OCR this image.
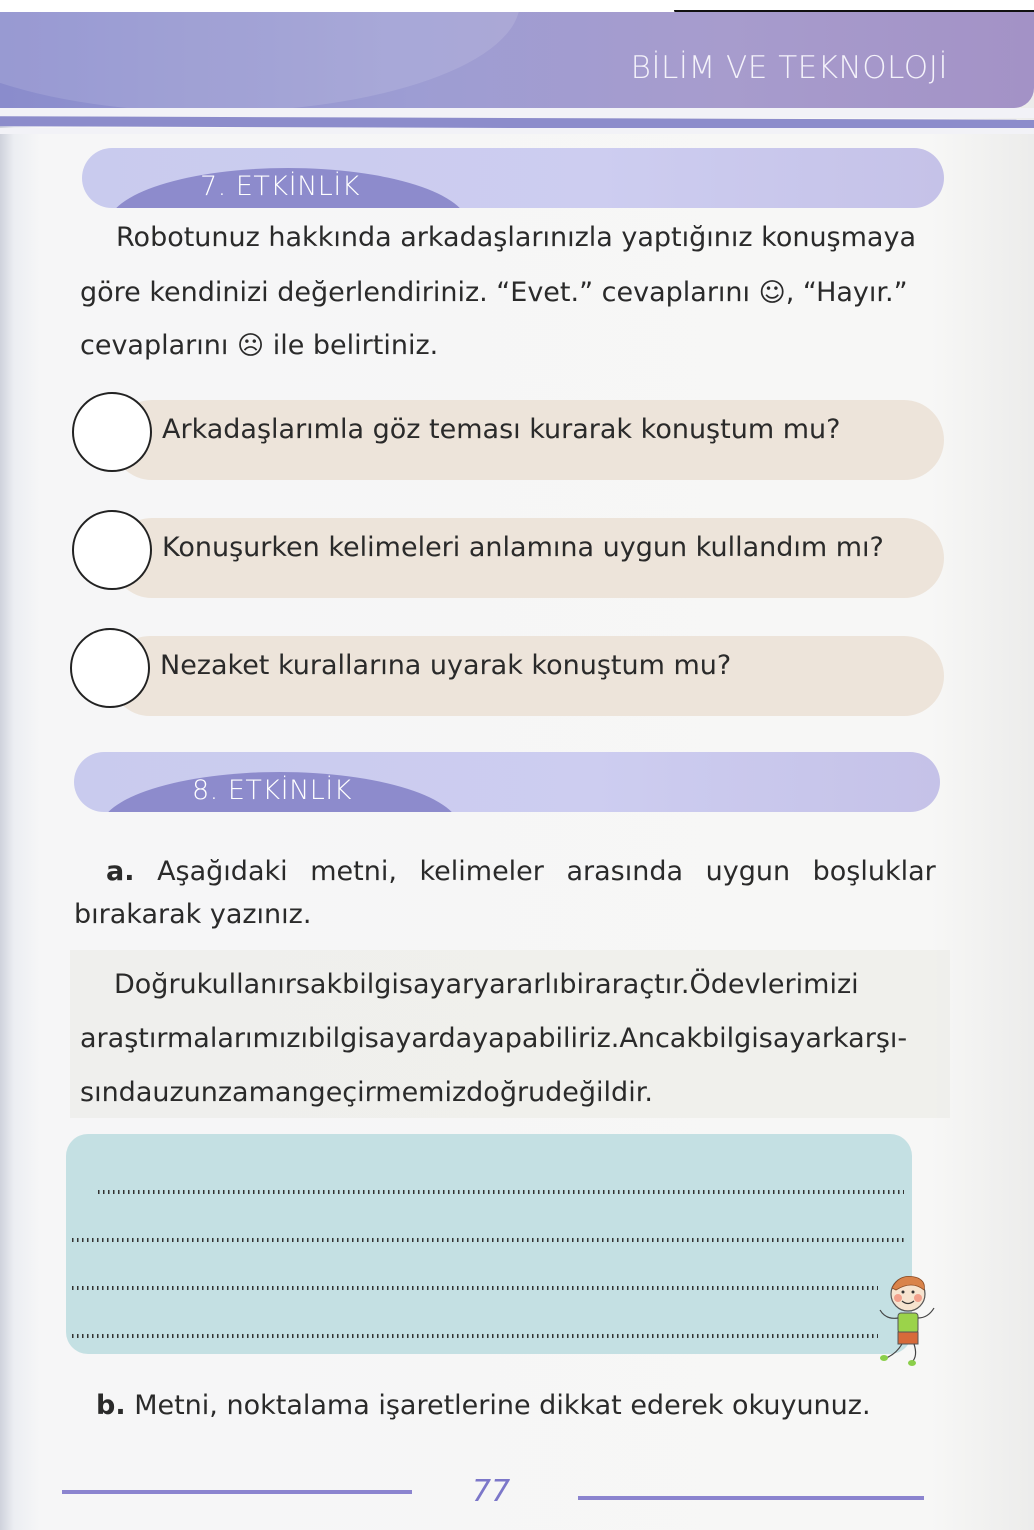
BİLİM VE TEKNOLOJİ
7. ETKİNLİK
Robotunuz hakkında arkadaşlarınızla yaptığınız konuşmaya
göre kendinizi değerlendiriniz. “Evet.” cevaplarını ☺, “Hayır.”
cevaplarını ☹ ile belirtiniz.
Arkadaşlarımla göz teması kurarak konuştum mu?
Konuşurken kelimeleri anlamına uygun kullandım mı?
Nezaket kurallarına uyarak konuştum mu?
8. ETKİNLİK
a. Aşağıdaki metni, kelimeler arasında uygun boşluklar
bırakarak yazınız.
Doğrukullanırsakbilgisayaryararlıbiraraçtır.Ödevlerimizi
araştırmalarımızıbilgisayardayapabiliriz.Ancakbilgisayarkarşı-
sındauzunzamangeçirmemizdoğrudeğildir.
b. Metni, noktalama işaretlerine dikkat ederek okuyunuz.
77
